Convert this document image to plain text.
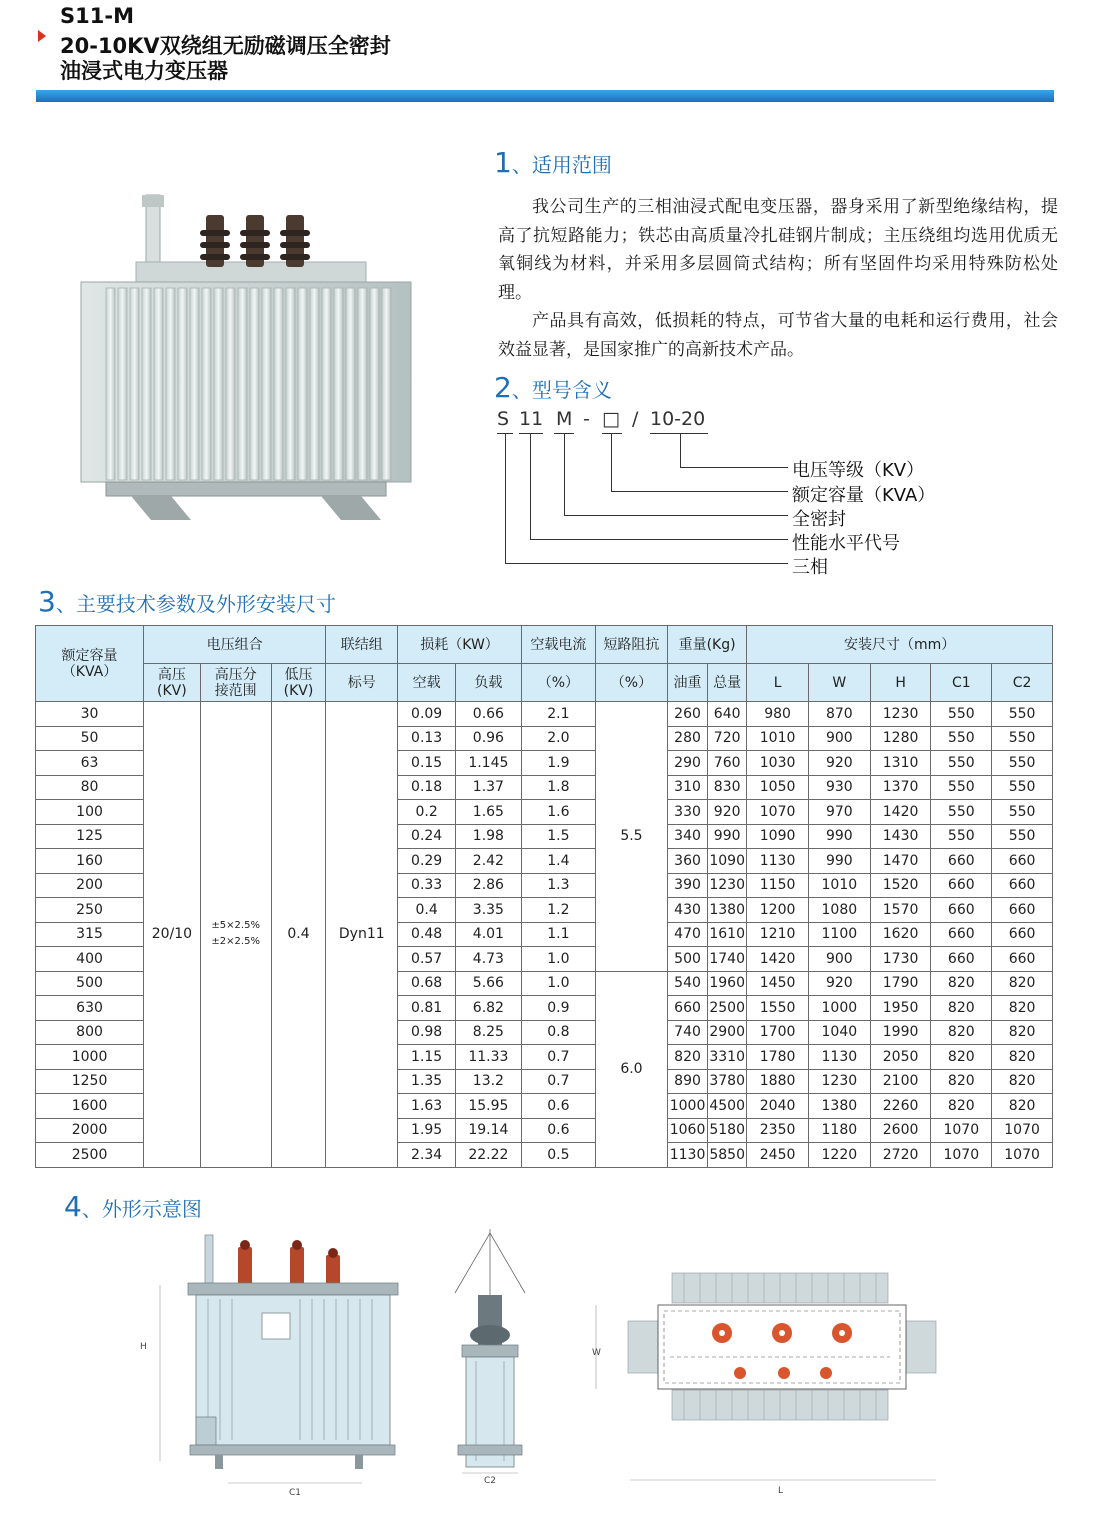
S11-M
20-10KV双绕组无励磁调压全密封
油浸式电力变压器
1、适用范围

我公司生产的三相油浸式配电变压器，器身采用了新型绝缘结构，提高了抗短路能力；铁芯由高质量冷扎硅钢片制成；主压绕组均选用优质无氧铜线为材料，并采用多层圆筒式结构；所有坚固件均采用特殊防松处理。

产品具有高效，低损耗的特点，可节省大量的电耗和运行费用，社会效益显著，是国家推广的高新技术产品。

2、型号含义
S 11 M - □ / 10-20
电压等级（KV）
额定容量（KVA）
全密封
性能水平代号
三相
3、主要技术参数及外形安装尺寸
额定容量
（KVA）	电压组合			联结组	损耗（KW）		空载电流	短路阻抗	重量(Kg)		安装尺寸（mm）				
	高压
(KV)	高压分
接范围	低压
(KV)	标号	空载	负载	（%）	（%）	油重	总量	L	W	H	C1	C2
30	20/10	±5×2.5%
±2×2.5%	0.4	Dyn11	0.09	0.66	2.1	5.5	260	640	980	870	1230	550	550
50					0.13	0.96	2.0		280	720	1010	900	1280	550	550
63					0.15	1.145	1.9		290	760	1030	920	1310	550	550
80					0.18	1.37	1.8		310	830	1050	930	1370	550	550
100					0.2	1.65	1.6		330	920	1070	970	1420	550	550
125					0.24	1.98	1.5		340	990	1090	990	1430	550	550
160					0.29	2.42	1.4		360	1090	1130	990	1470	660	660
200					0.33	2.86	1.3		390	1230	1150	1010	1520	660	660
250					0.4	3.35	1.2		430	1380	1200	1080	1570	660	660
315					0.48	4.01	1.1		470	1610	1210	1100	1620	660	660
400					0.57	4.73	1.0		500	1740	1420	900	1730	660	660
500					0.68	5.66	1.0	6.0	540	1960	1450	920	1790	820	820
630					0.81	6.82	0.9		660	2500	1550	1000	1950	820	820
800					0.98	8.25	0.8		740	2900	1700	1040	1990	820	820
1000					1.15	11.33	0.7		820	3310	1780	1130	2050	820	820
1250					1.35	13.2	0.7		890	3780	1880	1230	2100	820	820
1600					1.63	15.95	0.6		1000	4500	2040	1380	2260	820	820
2000					1.95	19.14	0.6		1060	5180	2350	1180	2600	1070	1070
2500					2.34	22.22	0.5		1130	5850	2450	1220	2720	1070	1070
4、外形示意图
H
C1
C2
W
L
